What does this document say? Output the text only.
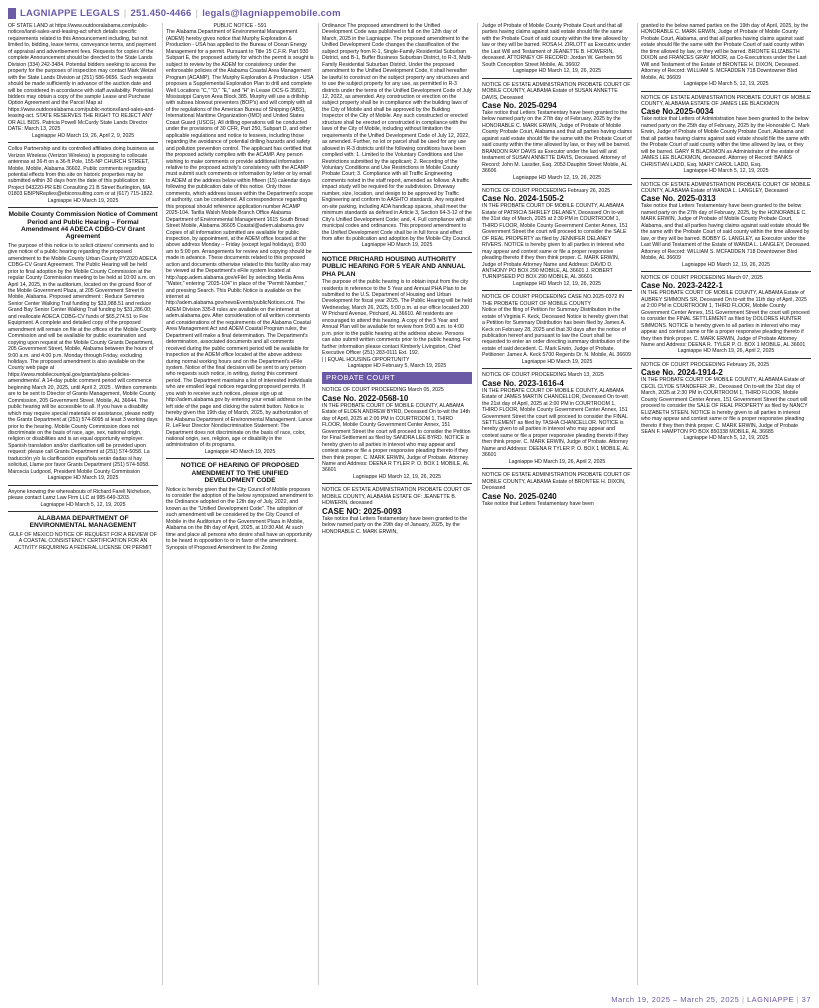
LAGNIAPPE LEGALS | 251.450-4466 | legals@lagniappemobile.com

OF STATE LAND at https://www.outdooralabama.com/public-notices/land-sales-and-leasing-act which details specific requirements related to this Announcement including, but not limited to, bidding, lease terms, conveyance terms, and payment of appraisal and advertisement fees. Requests for copies of the complete Announcement should be directed to the State Lands Division (334) 242-3484. Potential bidders seeking to access the property for the purposes of inspection may contact Mark Wetzel with the State Lands Division at (251) 586-9656. Such requests should be made sufficiently in advance of the auction date and will be considered in accordance with staff availability. Potential bidders may obtain a copy of the sample Lease and Purchase Option Agreement and the Parcel Map at https://www.outdooralabama.com/public-notices/land-sales-and-leasing-act. STATE RESERVES THE RIGHT TO REJECT ANY OR ALL BIDS. Patricia Powell McCurdy State Lands Director DATE: March 13, 2025

Lagniappe HD March 19, 26, April 2, 9, 2025

Collco Partnership and its controlled affiliates doing business as Verizon Wireless (Verizon Wireless) is proposing to collocate antennas at 36-ft on a 36-ft Pole, 155-NP CHURCH STREET, Mobile, Mobile, Alabama 36602. Public comments regarding potential effects from this site on historic properties may be submitted within 30 days from the date of this publication to: Project 043220-PR EBI Consulting 21 B Street Burlington, MA 01803 EBIPNReplies@ebiconsulting.com or at (617) 715-1822.

Lagniappe HD March 19, 2025

Mobile County Commission Notice of Comment Period and Public Hearing – Formal Amendment #4 ADECA CDBG-CV Grant Agreement

The purpose of this notice is to solicit citizens' comments and to give notice of a public hearing regarding the proposed amendment to the Mobile County Urban County PY2020 ADECA CDBG-CV Grant Agreement. The Public Hearing will be held prior to final adoption by the Mobile County Commission at the regular County Commission meeting to be held at 10:00 a.m. on April 14, 2025, in the auditorium, located on the ground floor of the Mobile Government Plaza, at 205 Government Street in Mobile, Alabama. Proposed amendment : Reduce Semmes Senior Center Walking Trail funding by $33,988.51 and reduce Grand Bay Senior Center Walking Trail funding by $31,286.00; and reallocate ADECA CDBG-CV funds of $65,274.51 to Fire Equipment. A complete and detailed copy of the proposed amendment will remain on file at the offices of the Mobile County Commission and will be available for public examination and copying upon request at the Mobile County Grants Department, 205 Government Street, Mobile, Alabama between the hours of 9:00 a.m. and 4:00 p.m. Monday through Friday, excluding holidays. The proposed amendment is also available on the County web page at https://www.mobilecountyal.gov/grants/plans-policies-amendments/. A 14-day public comment period will commence beginning March 20, 2025, until April 2, 2025 . Written comments are to be sent to Director of Grants Management, Mobile County Commission, 205 Government Street, Mobile, AL 36644. The public hearing will be accessible to all. If you have a disability which may require special materials or assistance, please notify the Grants Department at (251) 574-8095 at least 3 working days prior to the hearing. Mobile County Commission does not discriminate on the basis of race, age, sex, national origin, religion or disabilities and is an equal opportunity employer. Spanish translation and/or clarification will be provided upon request: please call Grants Department at (251) 574-5058. La traducción y/o la clarificación española serán dadas si hay solicitud, Llame por favor Grants Department (251) 574-5058. Marcecia Ludgood, President Mobile County Commission

Lagniappe HD March 19, 2025

Anyone knowing the whereabouts of Richard Farell Nichelson, please contact Lamz Law Firm LLC at 985-649-3203.

Lagniappe HD March 5, 12, 19, 2025

ALABAMA DEPARTMENT OF ENVIRONMENTAL MANAGEMENT

GULF OF MEXICO NOTICE OF REQUEST FOR A REVIEW OF A COASTAL CONSISTENCY CERTIFICATION FOR AN ACTIVITY REQUIRING A FEDERAL LICENSE OR PERMIT

PUBLIC NOTICE - 591

The Alabama Department of Environmental Management (ADEM) hereby gives notice that Murphy Exploration & Production - USA has applied to the Bureau of Ocean Energy Management for a permit. Pursuant to Title 15 C.F.R. Part 930 Subpart E, the proposed activity for which the permit is sought is subject to review by the ADEM for consistency under the enforceable policies of the Alabama Coastal Area Management Program (ACAMP). The Murphy Exploration & Production - USA proposes a Supplemental Exploration Plan to drill and complete Well Locations "C," "D," "E," and "H" in Lease OCS-G 35821, Mississippi Canyon Area Block 385. Murphy will use a drillship with subsea blowout preventers (BOP's) and will comply with all of the regulations of the American Bureau of Shipping (ABS), International Maritime Organization (IMO) and United States Coast Guard (USCG). All drilling operations will be conducted under the provisions of 30 CFR, Part 250, Subpart D, and other applicable regulations and notice to lessees, including those regarding the avoidance of potential drilling hazards and safety and pollution prevention control. The applicant has certified that the proposed activity complies with the ACAMP. Any person wishing to make comments or provide additional information relative to the proposed activity's consistency with the ACAMP must submit such comments or information by letter or by email to ADEM at the address below within fifteen (15) calendar days following the publication date of this notice. Only those comments, which address issues within the Department's scope of authority, can be considered. All correspondence regarding this proposal should reference application number ACAMP 2025-104. Tarilla Walsh Mobile Branch Office Alabama Department of Environmental Management 1615 South Broad Street Mobile, Alabama 36605 Coastal@adem.alabama.gov Copies of all information submitted are available for public inspection, by appointment, at the ADEM office located at the above address Monday – Friday (except legal holidays), 8:00 am to 5:00 pm. Arrangements for review and copying should be made in advance. These documents related to this proposed action and documents otherwise related to this facility also may be viewed at the Department's eFile system located at http://app.adem.alabama.gov/eFile/ by selecting Media Area "Water," entering "2025-104" in place of the "Permit Number," and pressing Search. This Public Notice is available on the internet at http://adem.alabama.gov/newsEvents/publicNotices.cnt. The ADEM Division 335-8 rules are available on the internet at adem.alabama.gov. After consideration of all written comments and considerations of the requirements of the Alabama Coastal Area Management Act and ADEM Coastal Program rules, the Department will make a final determination. The Department's determination, associated documents and all comments received during the public comment period will be available for inspection at the ADEM office located at the above address during normal working hours and on the Department's eFile system. Notice of the final decision will be sent to any person who requests such notice, in writing, during this comment period. The Department maintains a list of interested individuals who are emailed legal notices regarding proposed permits. If you wish to receive such notices, please sign up at http://adem.alabama.gov by entering your email address on the left side of the page and clicking the submit button. Notice is hereby given this 19th day of March, 2025, by authorization of the Alabama Department of Environmental Management. Lance R. LeFleur Director Nondiscrimination Statement: The Department does not discriminate on the basis of race, color, national origin, sex, religion, age or disability in the administration of its programs.

Lagniappe HD March 19, 2025

NOTICE OF HEARING OF PROPOSED AMENDMENT TO THE UNIFIED DEVELOPMENT CODE

Notice is hereby given that the City Council of Mobile proposes to consider the adoption of the below synopsized amendment to the Ordinance adopted on the 12th day of July, 2022, and known as the "Unified Development Code". The adoption of such amendment will be considered by the City Council of Mobile in the Auditorium of the Government Plaza in Mobile, Alabama on the 8th day of April, 2025, at 10:30 AM. At such time and place all persons who desire shall have an opportunity to be heard in opposition to or in favor of the amendment. Synopsis of Proposed Amendment to the Zoning

Ordinance The proposed amendment to the Unified Development Code was published in full on the 12th day of March, 2025 in the Lagniappe. The proposed amendment to the Unified Development Code changes the classification of the subject property from R-1, Single-Family Residential Suburban District, and B-1, Buffer Business Suburban District, to R-3, Multi-Family Residential Suburban District. Under the proposed amendment to the Unified Development Code, it shall hereafter be lawful to construct on the subject property any structures and to use the subject property for any use, as permitted in R-3 districts under the terms of the Unified Development Code of July 12, 2022, as amended. Any construction or erection on the subject property shall be in compliance with the building laws of the City of Mobile and shall be approved by the Building Inspector of the City of Mobile. Any such constructed or erected structure shall be erected or constructed in compliance with the laws of the City of Mobile, including without limitation the requirements of the Unified Development Code of July 12, 2022, as amended. Further, no lot or parcel shall be used for any use allowed in R-3 districts until the following conditions have been complied with: 1. Limited to the Voluntary Conditions and Use Restrictions submitted by the applicant; 2. Recording of the Voluntary Conditions and Use Restrictions in Mobile County Probate Court; 3. Compliance with all Traffic Engineering comments noted in the staff report, amended as follows: A traffic impact study will be required for the subdivision. Driveway number, size, location, and design to be approved by Traffic Engineering and conform to AASHTO standards. Any required on-site parking, including ADA handicap spaces, shall meet the minimum standards as defined in Article 3, Section 64-3-12 of the City's Unified Development Code; and, 4. Full compliance with all municipal codes and ordinances. This proposed amendment to the Unified Development Code shall be in full force and effect from after its publication and adoption by the Mobile City Council.

Lagniappe HD March 19, 2025

NOTICE PRICHARD HOUSING AUTHORITY PUBLIC HEARING FOR 5 YEAR AND ANNUAL PHA PLAN

The purpose of the public hearing is to obtain input from the city residents in reference to the 5 Year and Annual PHA Plan to be submitted to the U.S. Department of Housing and Urban Development for fiscal year 2025. The Public Hearing will be held Wednesday, March 26, 2025, 5:00 p.m. at our office located 200 W Prichard Avenue, Prichard, AL 36610. All residents are encouraged to attend this hearing. A copy of the 5 Year and Annual Plan will be available for review from 9:00 a.m. to 4:00 p.m. prior to the public hearing at the address above. Persons can also submit written comments prior to the public hearing. For further information please contact Kimberly Livingston, Chief Executive Officer (251) 283-0111 Ext. 192.

| | EQUAL HOUSING OPPORTUNITY

Lagniappe HD February 5, March 19, 2025

PROBATE COURT

NOTICE OF COURT PROCEEDING March 05, 2025

Case No. 2022-0568-10

IN THE PROBATE COURT OF MOBILE COUNTY, ALABAMA Estate of ELDEN ANDREW BYRD, Deceased On to-wit the 14th day of April, 2025 at 2:00 PM in COURTROOM 1, THIRD FLOOR, Mobile County Government Center Annex, 151 Government Street the court will proceed to consider the Petition for Final Settlement as filed by SANDRA LEE BYRD. NOTICE is hereby given to all parties in interest who may appear and contest same or file a proper responsive pleading thereto if they then think proper. C. MARK ERWIN, Judge of Probate. Attorney Name and Address: DEENA R TYLER P. O. BOX 1 MOBILE, AL 36601

Lagniappe HD March 12, 19, 26, 2025

NOTICE OF ESTATE ADMINISTRATION PROBATE COURT OF MOBILE COUNTY, ALABAMA ESTATE OF: JEANETTE B. HOWERIN, deceased

CASE NO: 2025-0093

Take notice that Letters Testamentary have been granted to the below named party on the 29th day of January, 2025, by the HONORABLE C. MARK ERWIN,

Judge of Probate of Mobile County Probate Court and that all parties having claims against said estate should file the same with the Probate Court of said county within the time allowed by law or they will be barred. ROSA H. ZIRLOTT as Executrix under the Last Will and Testament of JEANETTE B. HOWERIN, deceased. ATTORNEY OF RECORD: Jordan W. Gerheim 56 South Conception Street Mobile, AL 36602

Lagniappe HD March 12, 19, 26, 2025

NOTICE OF ESTATE ADMINISTRATION PROBATE COURT OF MOBILE COUNTY, ALABAMA Estate of SUSAN ANNETTE DAVIS, Deceased

Case No. 2025-0294

Take notice that Letters Testamentary have been granted to the below named party on the 27th day of February, 2025 by the HONORABLE C. MARK ERWIN, Judge of Probate of Mobile County Probate Court, Alabama and that all parties having claims against said estate should file the same with the Probate Court of said county within the time allowed by law, or they will be barred. BRANDON RAY DAVIS as Executor under the last will and testament of SUSAN ANNETTE DAVIS, Deceased. Attorney of Record: John M. Lassiter, Esq. 2053 Dauphin Street Mobile, AL 36606

Lagniappe HD March 12, 19, 26, 2025

NOTICE OF COURT PROCEEDING February 26, 2025

Case No. 2024-1505-2

IN THE PROBATE COURT OF MOBILE COUNTY, ALABAMA Estate of PATRICIA SHIRLEY DELANEY, Deceased On to-wit the 31st day of March, 2025 at 2:30 PM in COURTROOM 1, THIRD FLOOR, Mobile County Government Center Annex, 151 Government Street the court will proceed to consider the SALE OF REAL PROPERTY as filed by JENNIFER DELANEY RIVERS. NOTICE is hereby given to all parties in interest who may appear and contest same or file a proper responsive pleading thereto if they then think proper. C. MARK ERWIN, Judge of Probate Attorney Name and Address: DAVID D. ANTHONY PO BOX 290 MOBILE, AL 36601 J. ROBERT TURNIPSEED PO BOX 290 MOBILE, AL 36601

Lagniappe HD March 12, 19, 26, 2025

NOTICE OF COURT PROCEEDING CASE NO.2025-0372 IN THE PROBATE COURT OF MOBILE COUNTY

Notice of the filing of Petition for Summary Distribution in the estate of Virginia F. Keck, Deceased Notice is hereby given that a Petition for Summary Distribution has been filed by James A. Keck on February 28, 2025 and that 30 days after the notice of publication hereof and pursuant to law the Court shall be requested to enter an order directing summary distribution of the estate of said decedent. C. Mark Erwin, Judge of Probate. Petitioner: James A. Keck 5700 Regents Dr. N. Mobile, AL 36609

Lagniappe HD March 19, 2025

NOTICE OF COURT PROCEEDING March 13, 2025

Case No. 2023-1616-4

IN THE PROBATE COURT OF MOBILE COUNTY, ALABAMA Estate of JAMES MARTIN CHANCELLOR, Deceased On to-wit the 21st day of April, 2025 at 2:00 PM in COURTROOM 1, THIRD FLOOR, Mobile County Government Center Annex, 151 Government Street the court will proceed to consider the FINAL SETTLEMENT as filed by TASHA CHANCELLOR. NOTICE is hereby given to all parties in interest who may appear and contest same or file a proper responsive pleading thereto if they then think proper. C. MARK ERWIN, Judge of Probate. Attorney Name and Address: DEENA R TYLER P. O. BOX 1 MOBILE, AL 36601

Lagniappe HD March 19, 26, April 2, 2025

NOTICE OF ESTATE ADMINISTRATION PROBATE COURT OF MOBILE COUNTY, ALABAMA Estate of BRONTEE H. DIXON, Deceased

Case No. 2025-0240

Take notice that Letters Testamentary have been

granted to the below named parties on the 19th day of April, 2025, by the HONORABLE C. MARK ERWIN, Judge of Probate of Mobile County Probate Court, Alabama, and that all parties having claims against said estate should file the same with the Probate Court of said county within the time allowed by law, or they will be barred. BRONTE ELIZABETH DIXON and FRANCES GRAY MOOR, as Co-Executrices under the Last Will and Testament of the Estate of BRONTEE H. DIXON, Deceased. Attorney of Record: WILLIAM S. MCFADDEN 718 Downtowner Blvd Mobile, AL 36609

Lagniappe HD March 5, 12, 19, 2025

NOTICE OF ESTATE ADMINISTRATION PROBATE COURT OF MOBILE COUNTY, ALABAMA ESTATE OF JAMES LEE BLACKMON

Case No.2025-0034

Take notice that Letters of Administration have been granted to the below named party on the 25th day of February, 2025 by the Honorable C. Mark Erwin, Judge of Probate of Mobile County Probate Court, Alabama and that all parties having claims against said estate should file the same with the Probate Court of said county within the time allowed by law, or they will be barred. GARY R BLACKMON as Administrator of the estate of JAMES LEE BLACKMON, deceased. Attorney of Record: BANKS CHRISTIAN LADD, Esq. MARY CAROL LADD, Esq.

Lagniappe HD March 5, 12, 19, 2025

NOTICE OF ESTATE ADMINISTRATION PROBATE COURT OF MOBILE COUNTY, ALABAMA Estate of WANDA L. LANGLEY, Deceased

Case No. 2025-0313

Take notice that Letters Testamentary have been granted to the below named party on the 27th day of February, 2025, by the HONORABLE C. MARK ERWIN, Judge of Probate of Mobile County Probate Court, Alabama, and that all parties having claims against said estate should file the same with the Probate Court of said county within the time allowed by law, or they will be barred. BOBBY G. LANGLEY, as Executor under the Last Will and Testament of the Estate of WANDA L. LANGLEY, Deceased. Attorney of Record: WILLIAM S. MCFADDEN 718 Downtowner Blvd Mobile, AL 36609

Lagniappe HD March 12, 19, 26, 2025

NOTICE OF COURT PROCEEDING March 07, 2025

Case No. 2023-2422-1

IN THE PROBATE COURT OF MOBILE COUNTY, ALABAMA Estate of AUBREY SIMMONS SR, Deceased On to-wit the 11th day of April, 2025 at 2:00 PM in COURTROOM 1, THIRD FLOOR, Mobile County Government Center Annex, 151 Government Street the court will proceed to consider the FINAL SETTLEMENT as filed by DOLORES HUNTER SIMMONS. NOTICE is hereby given to all parties in interest who may appear and contest same or file a proper responsive pleading thereto if they then think proper. C. MARK ERWIN, Judge of Probate Attorney Name and Address: DEENA R. TYLER P. O. BOX 1 MOBILE, AL 36601

Lagniappe HD March 19, 26, April 2, 2025

NOTICE OF COURT PROCEEDING February 26, 2025

Case No. 2024-1914-2

IN THE PROBATE COURT OF MOBILE COUNTY, ALABAMA Estate of CECIL CLYDE STANDEFER JR., Deceased On to-wit the 31st day of March, 2025 at 2:30 PM in COURTROOM 1, THIRD FLOOR, Mobile County Government Center Annex, 151 Government Street the court will proceed to consider the SALE OF REAL PROPERTY as filed by NANCY ELIZABETH STEEN. NOTICE is hereby given to all parties in interest who may appear and contest same or file a proper responsive pleading thereto if they then think proper. C. MARK ERWIN, Judge of Probate SEAN F. HAMPTON PO BOX 850338 MOBILE, AL 36685

Lagniappe HD March 5, 12, 19, 2025

March 19, 2025 – March 25, 2025 | LAGNIAPPE | 37
